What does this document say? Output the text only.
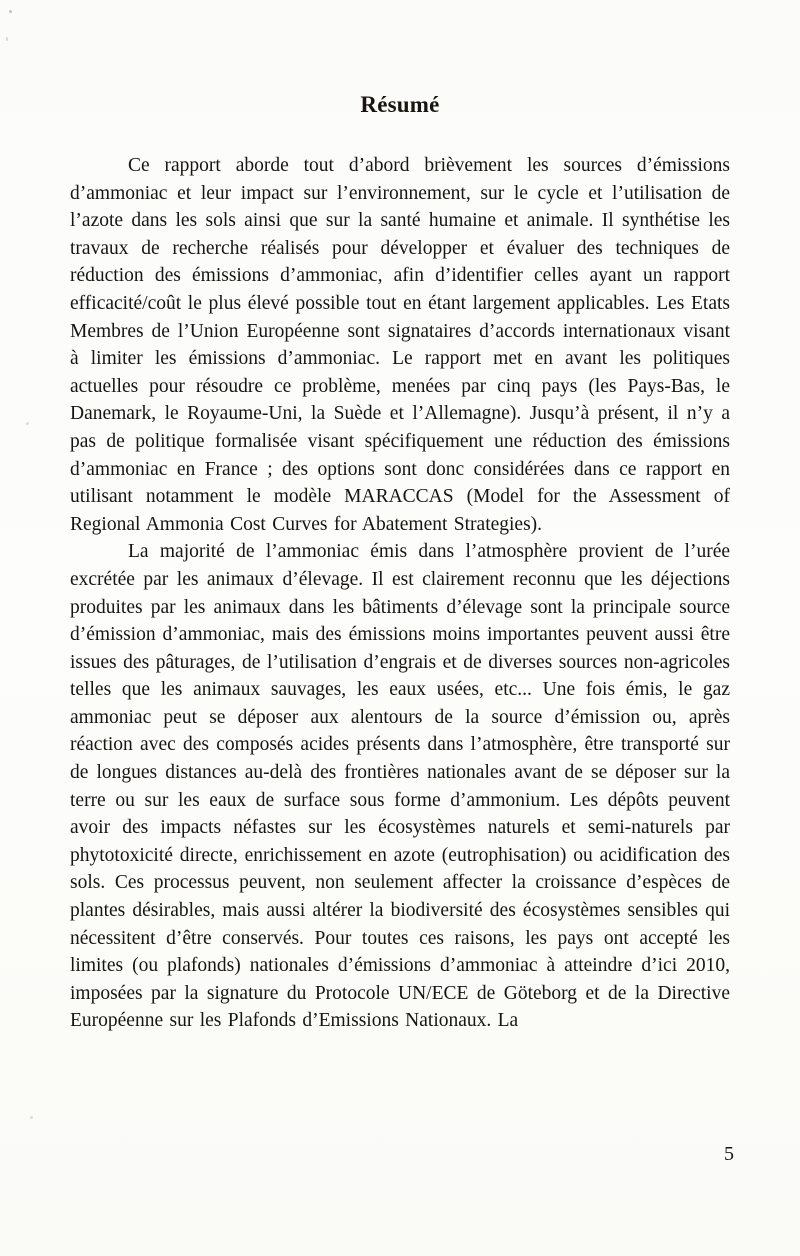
Résumé

Ce rapport aborde tout d’abord brièvement les sources d’émissions d’ammoniac et leur impact sur l’environnement, sur le cycle et l’utilisation de l’azote dans les sols ainsi que sur la santé humaine et animale. Il synthétise les travaux de recherche réalisés pour développer et évaluer des techniques de réduction des émissions d’ammoniac, afin d’identifier celles ayant un rapport efficacité/coût le plus élevé possible tout en étant largement applicables. Les Etats Membres de l’Union Européenne sont signataires d’accords internationaux visant à limiter les émissions d’ammoniac. Le rapport met en avant les politiques actuelles pour résoudre ce problème, menées par cinq pays (les Pays-Bas, le Danemark, le Royaume-Uni, la Suède et l’Allemagne). Jusqu’à présent, il n’y a pas de politique formalisée visant spécifiquement une réduction des émissions d’ammoniac en France ; des options sont donc considérées dans ce rapport en utilisant notamment le modèle MARACCAS (Model for the Assessment of Regional Ammonia Cost Curves for Abatement Strategies).

La majorité de l’ammoniac émis dans l’atmosphère provient de l’urée excrétée par les animaux d’élevage. Il est clairement reconnu que les déjections produites par les animaux dans les bâtiments d’élevage sont la principale source d’émission d’ammoniac, mais des émissions moins importantes peuvent aussi être issues des pâturages, de l’utilisation d’engrais et de diverses sources non-agricoles telles que les animaux sauvages, les eaux usées, etc... Une fois émis, le gaz ammoniac peut se déposer aux alentours de la source d’émission ou, après réaction avec des composés acides présents dans l’atmosphère, être transporté sur de longues distances au-delà des frontières nationales avant de se déposer sur la terre ou sur les eaux de surface sous forme d’ammonium. Les dépôts peuvent avoir des impacts néfastes sur les écosystèmes naturels et semi-naturels par phytotoxicité directe, enrichissement en azote (eutrophisation) ou acidification des sols. Ces processus peuvent, non seulement affecter la croissance d’espèces de plantes désirables, mais aussi altérer la biodiversité des écosystèmes sensibles qui nécessitent d’être conservés. Pour toutes ces raisons, les pays ont accepté les limites (ou plafonds) nationales d’émissions d’ammoniac à atteindre d’ici 2010, imposées par la signature du Protocole UN/ECE de Göteborg et de la Directive Européenne sur les Plafonds d’Emissions Nationaux. La

5
